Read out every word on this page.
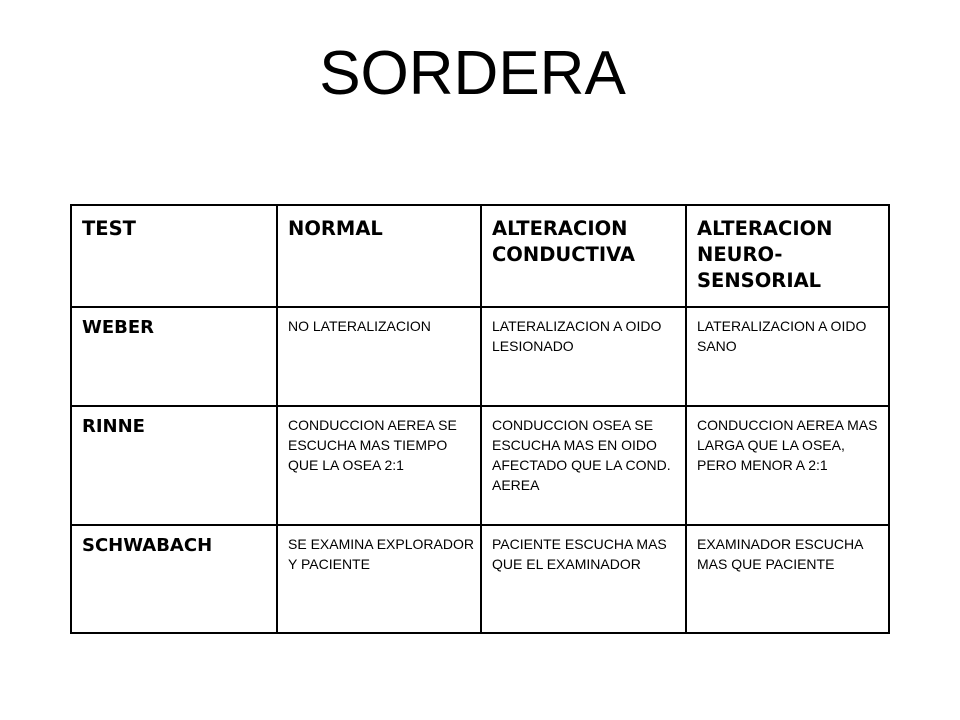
SORDERA
TEST	NORMAL	ALTERACION CONDUCTIVA	ALTERACION NEURO-SENSORIAL
WEBER	NO LATERALIZACION	LATERALIZACION A OIDO LESIONADO	LATERALIZACION A OIDO SANO
RINNE	CONDUCCION AEREA SE ESCUCHA MAS TIEMPO QUE LA OSEA 2:1	CONDUCCION OSEA SE ESCUCHA MAS EN OIDO AFECTADO QUE LA COND. AEREA	CONDUCCION AEREA MAS LARGA QUE LA OSEA, PERO MENOR A 2:1
SCHWABACH	SE EXAMINA EXPLORADOR Y PACIENTE	PACIENTE ESCUCHA MAS QUE EL EXAMINADOR	EXAMINADOR ESCUCHA MAS QUE PACIENTE
